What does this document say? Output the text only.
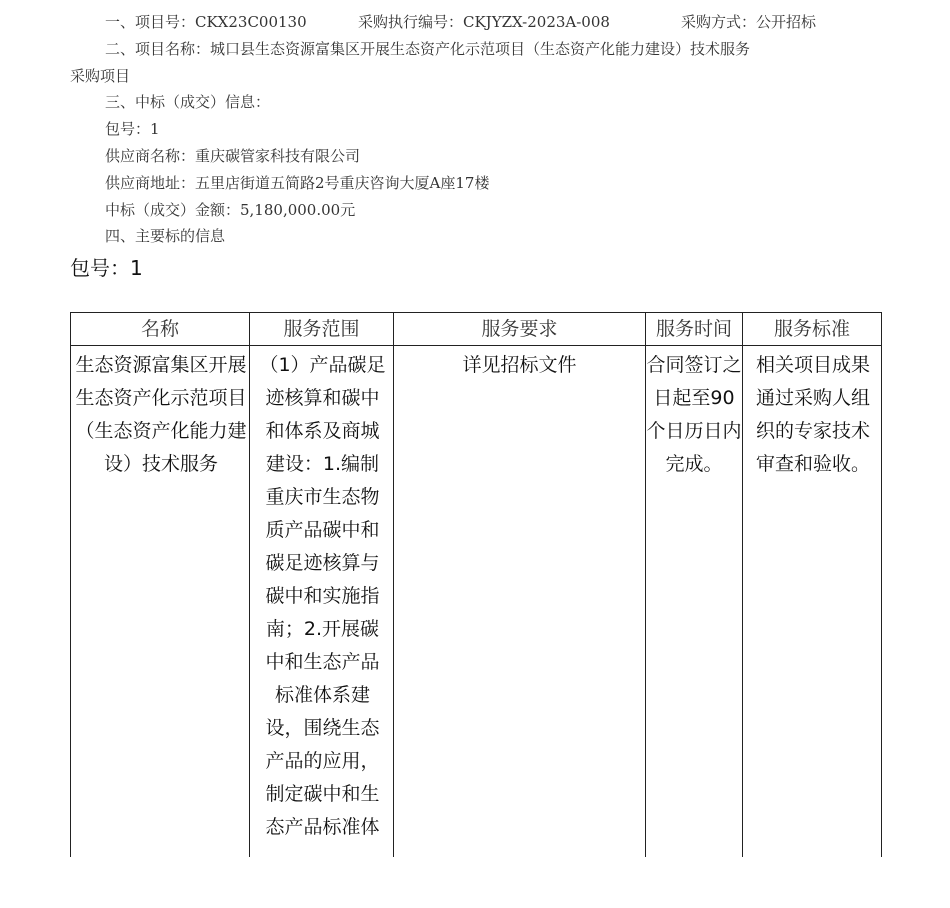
一、项目号：CKX23C00130	采购执行编号：CKJYZX-2023A-008	采购方式：公开招标
二、项目名称：城口县生态资源富集区开展生态资产化示范项目（生态资产化能力建设）技术服务
采购项目
三、中标（成交）信息：
包号：1
供应商名称：重庆碳管家科技有限公司
供应商地址：五里店街道五简路2号重庆咨询大厦A座17楼
中标（成交）金额：5,180,000.00元
四、主要标的信息
包号：1
名称	服务范围	服务要求	服务时间	服务标准
生态资源富集区开展生态资产化示范项目（生态资产化能力建设）技术服务	（1）产品碳足迹核算和碳中和体系及商城建设：1.编制重庆市生态物质产品碳中和碳足迹核算与碳中和实施指南；2.开展碳中和生态产品标准体系建设，围绕生态产品的应用，制定碳中和生态产品标准体	详见招标文件	合同签订之日起至90个日历日内完成。	相关项目成果通过采购人组织的专家技术审查和验收。
